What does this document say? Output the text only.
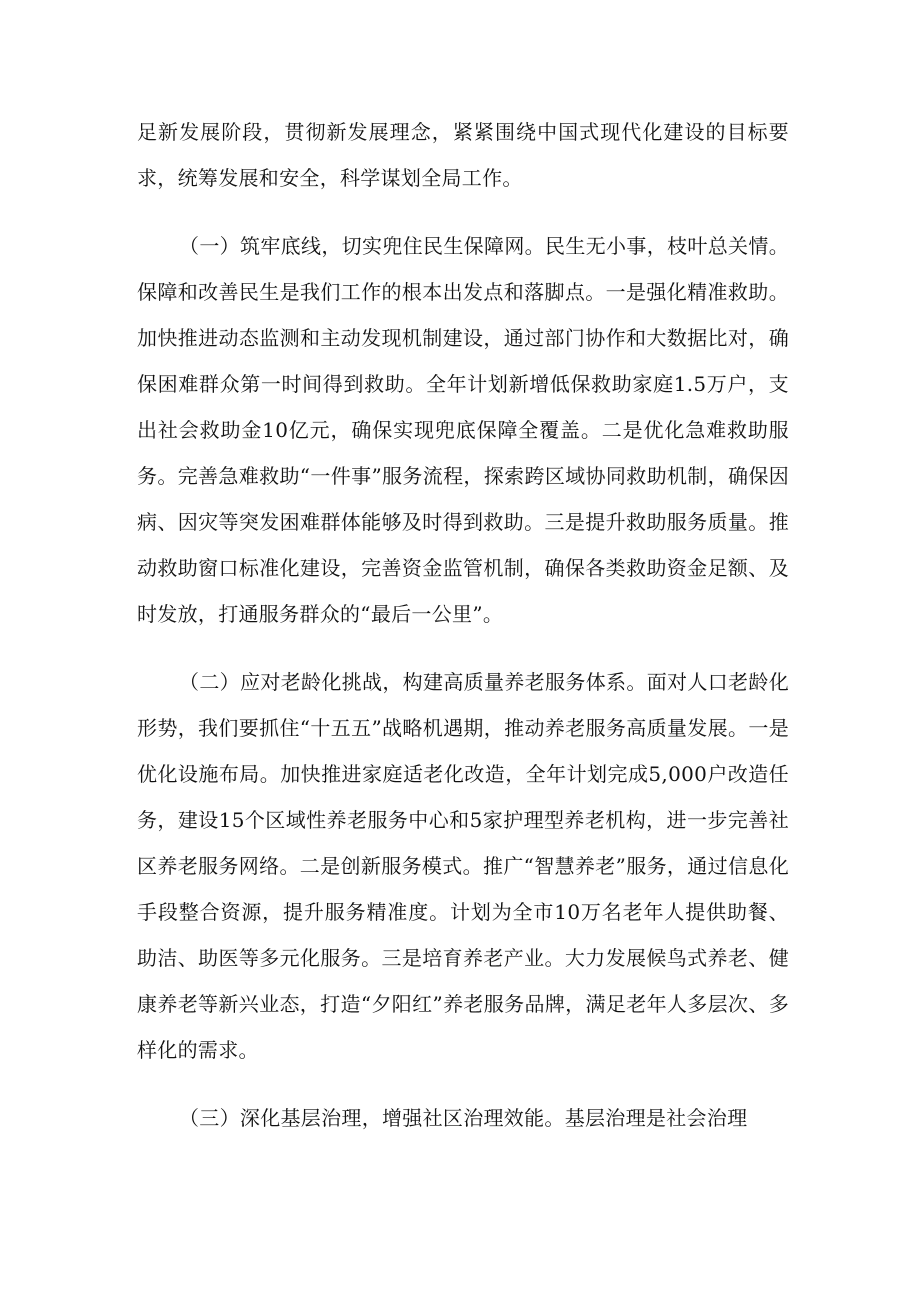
足新发展阶段，贯彻新发展理念，紧紧围绕中国式现代化建设的目标要求，统筹发展和安全，科学谋划全局工作。

（一）筑牢底线，切实兜住民生保障网。民生无小事，枝叶总关情。保障和改善民生是我们工作的根本出发点和落脚点。一是强化精准救助。加快推进动态监测和主动发现机制建设，通过部门协作和大数据比对，确保困难群众第一时间得到救助。全年计划新增低保救助家庭1.5万户，支出社会救助金10亿元，确保实现兜底保障全覆盖。二是优化急难救助服务。完善急难救助“一件事”服务流程，探索跨区域协同救助机制，确保因病、因灾等突发困难群体能够及时得到救助。三是提升救助服务质量。推动救助窗口标准化建设，完善资金监管机制，确保各类救助资金足额、及时发放，打通服务群众的“最后一公里”。

（二）应对老龄化挑战，构建高质量养老服务体系。面对人口老龄化形势，我们要抓住“十五五”战略机遇期，推动养老服务高质量发展。一是优化设施布局。加快推进家庭适老化改造，全年计划完成5,000户改造任务，建设15个区域性养老服务中心和5家护理型养老机构，进一步完善社区养老服务网络。二是创新服务模式。推广“智慧养老”服务，通过信息化手段整合资源，提升服务精准度。计划为全市10万名老年人提供助餐、助洁、助医等多元化服务。三是培育养老产业。大力发展候鸟式养老、健康养老等新兴业态，打造“夕阳红”养老服务品牌，满足老年人多层次、多样化的需求。

（三）深化基层治理，增强社区治理效能。基层治理是社会治理
